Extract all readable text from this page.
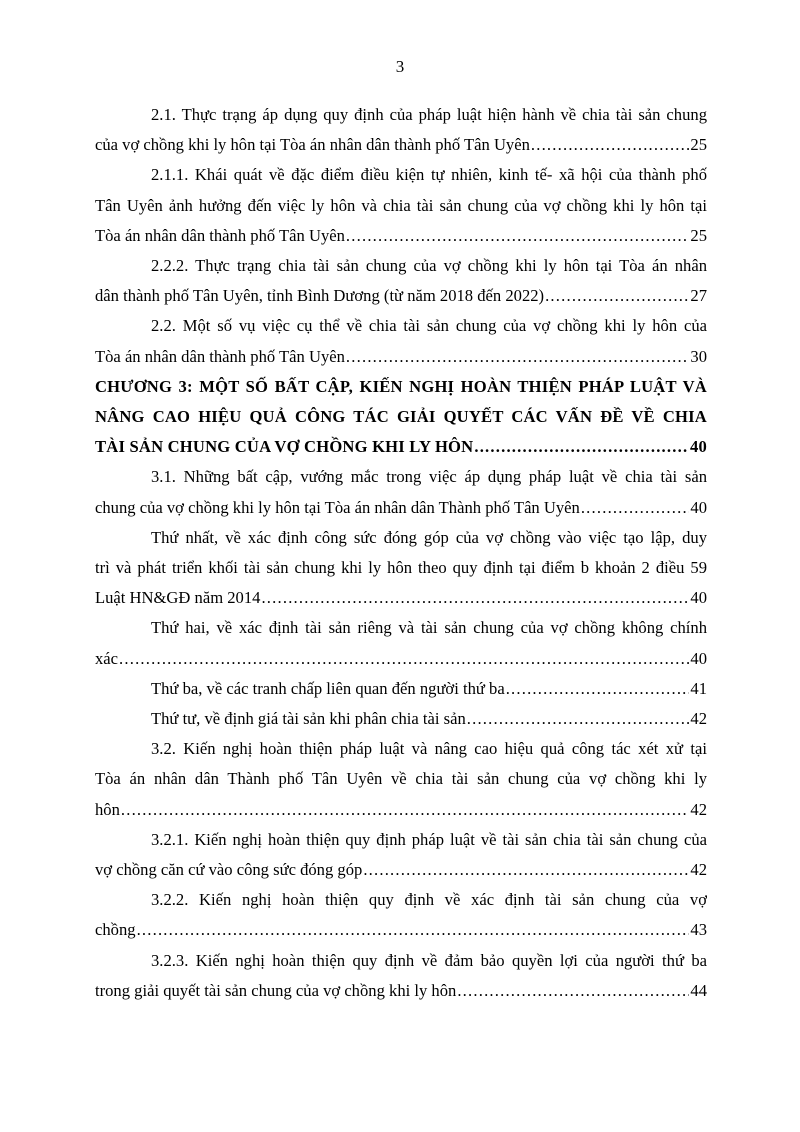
3
2.1. Thực trạng áp dụng quy định của pháp luật hiện hành về chia tài sản chung
của vợ chồng khi ly hôn tại Tòa án nhân dân thành phố Tân Uyên .....	25
2.1.1. Khái quát về đặc điểm điều kiện tự nhiên, kinh tế- xã hội của thành phố
Tân Uyên ảnh hưởng đến việc ly hôn và chia tài sản chung của vợ chồng khi ly hôn tại
Tòa án nhân dân thành phố Tân Uyên .....	25
2.2.2. Thực trạng chia tài sản chung của vợ chồng khi ly hôn tại Tòa án nhân
dân thành phố Tân Uyên, tỉnh Bình Dương (từ năm 2018 đến 2022) .....	27
2.2. Một số vụ việc cụ thể về chia tài sản chung của vợ chồng khi ly hôn của
Tòa án nhân dân thành phố Tân Uyên .....	30
CHƯƠNG 3: MỘT SỐ BẤT CẬP, KIẾN NGHỊ HOÀN THIỆN PHÁP LUẬT VÀ
NÂNG CAO HIỆU QUẢ CÔNG TÁC GIẢI QUYẾT CÁC VẤN ĐỀ VỀ CHIA
TÀI SẢN CHUNG CỦA VỢ CHỒNG KHI LY HÔN .....	40
3.1. Những bất cập, vướng mắc trong việc áp dụng pháp luật về chia tài sản
chung của vợ chồng khi ly hôn tại Tòa án nhân dân Thành phố Tân Uyên .....	40
Thứ nhất, về xác định công sức đóng góp của vợ chồng vào việc tạo lập, duy
trì và phát triển khối tài sản chung khi ly hôn theo quy định tại điểm b khoản 2 điều 59
Luật HN&GĐ năm 2014 .....	40
Thứ hai, về xác định tài sản riêng và tài sản chung của vợ chồng không chính
xác .....	40
Thứ ba, về các tranh chấp liên quan đến người thứ ba .....	41
Thứ tư, về định giá tài sản khi phân chia tài sản .....	42
3.2. Kiến nghị hoàn thiện pháp luật và nâng cao hiệu quả công tác xét xử tại
Tòa án nhân dân Thành phố Tân Uyên về chia tài sản chung của vợ chồng khi ly
hôn .....	42
3.2.1. Kiến nghị hoàn thiện quy định pháp luật về tài sản chia tài sản chung của
vợ chồng căn cứ vào công sức đóng góp .....	42
3.2.2. Kiến nghị hoàn thiện quy định về xác định tài sản chung của vợ
chồng .....	43
3.2.3. Kiến nghị hoàn thiện quy định về đảm bảo quyền lợi của người thứ ba
trong giải quyết tài sản chung của vợ chồng khi ly hôn .....	44
